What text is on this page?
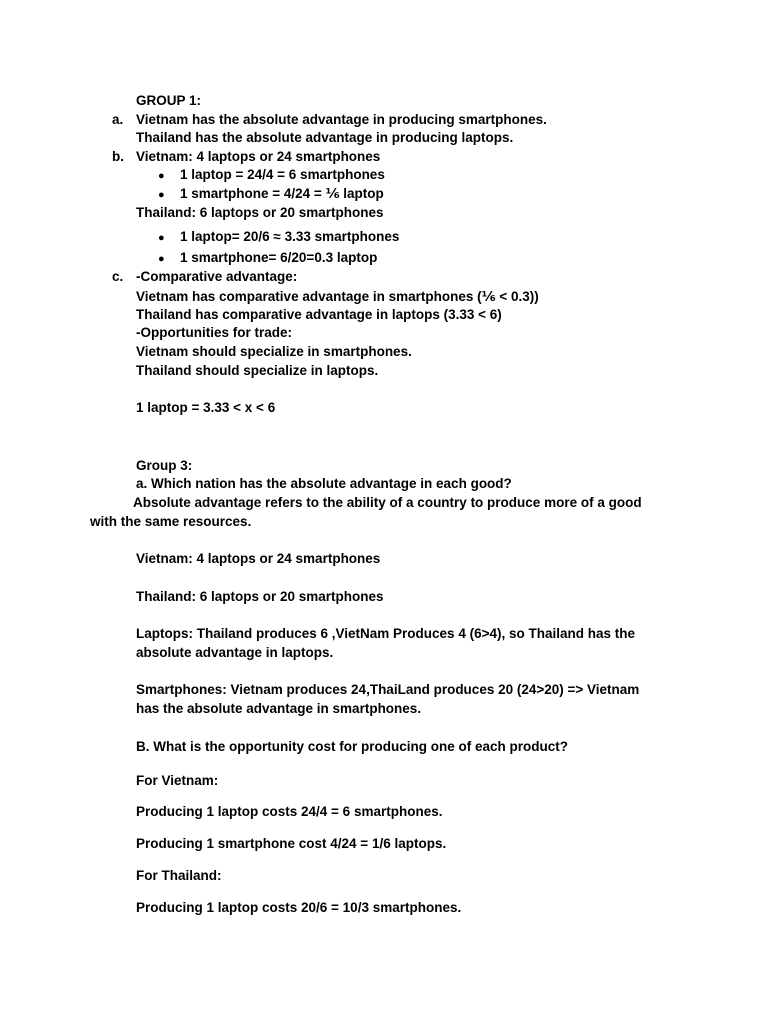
GROUP 1:
a. Vietnam has the absolute advantage in producing smartphones.
Thailand has the absolute advantage in producing laptops.
b. Vietnam: 4 laptops or 24 smartphones
● 1 laptop = 24/4 = 6 smartphones
● 1 smartphone = 4/24 = ⅙ laptop
Thailand: 6 laptops or 20 smartphones
● 1 laptop= 20/6 ≈ 3.33 smartphones
● 1 smartphone= 6/20=0.3 laptop
c. -Comparative advantage:
Vietnam has comparative advantage in smartphones (⅙ < 0.3))
Thailand has comparative advantage in laptops (3.33 < 6)
-Opportunities for trade:
Vietnam should specialize in smartphones.
Thailand should specialize in laptops.
1 laptop = 3.33 < x < 6
Group 3:
a. Which nation has the absolute advantage in each good?
Absolute advantage refers to the ability of a country to produce more of a good
with the same resources.
Vietnam: 4 laptops or 24 smartphones
Thailand: 6 laptops or 20 smartphones
Laptops: Thailand produces 6 ,VietNam Produces 4 (6>4), so Thailand has the
absolute advantage in laptops.
Smartphones: Vietnam produces 24,ThaiLand produces 20 (24>20) => Vietnam
has the absolute advantage in smartphones.
B. What is the opportunity cost for producing one of each product?
For Vietnam:
Producing 1 laptop costs 24/4 = 6 smartphones.
Producing 1 smartphone cost 4/24 = 1/6 laptops.
For Thailand:
Producing 1 laptop costs 20/6 = 10/3 smartphones.
